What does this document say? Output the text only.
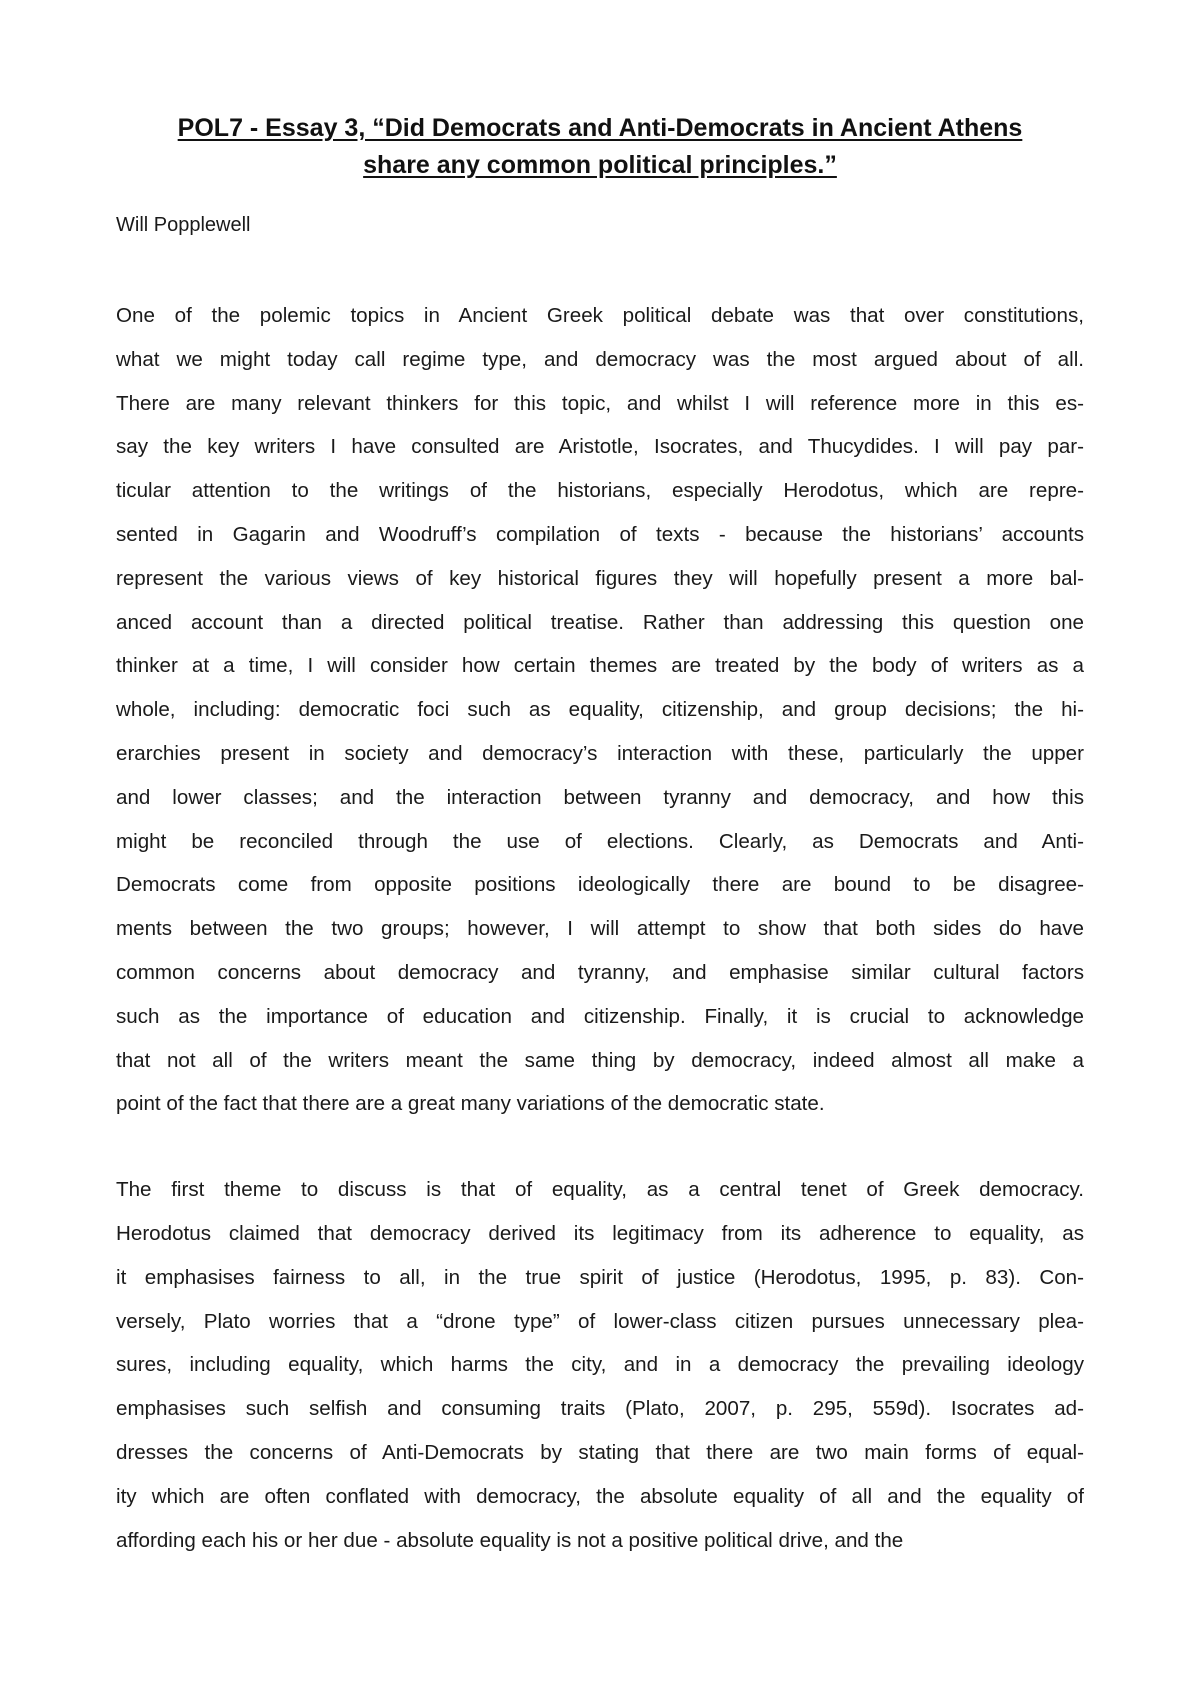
POL7 - Essay 3, “Did Democrats and Anti-Democrats in Ancient Athens
share any common political principles.”

Will Popplewell

One of the polemic topics in Ancient Greek political debate was that over constitutions,
what we might today call regime type, and democracy was the most argued about of all.
There are many relevant thinkers for this topic, and whilst I will reference more in this es-
say the key writers I have consulted are Aristotle, Isocrates, and Thucydides. I will pay par-
ticular attention to the writings of the historians, especially Herodotus, which are repre-
sented in Gagarin and Woodruff’s compilation of texts - because the historians’ accounts
represent the various views of key historical figures they will hopefully present a more bal-
anced account than a directed political treatise. Rather than addressing this question one
thinker at a time, I will consider how certain themes are treated by the body of writers as a
whole, including: democratic foci such as equality, citizenship, and group decisions; the hi-
erarchies present in society and democracy’s interaction with these, particularly the upper
and lower classes; and the interaction between tyranny and democracy, and how this
might be reconciled through the use of elections. Clearly, as Democrats and Anti-
Democrats come from opposite positions ideologically there are bound to be disagree-
ments between the two groups; however, I will attempt to show that both sides do have
common concerns about democracy and tyranny, and emphasise similar cultural factors
such as the importance of education and citizenship. Finally, it is crucial to acknowledge
that not all of the writers meant the same thing by democracy, indeed almost all make a
point of the fact that there are a great many variations of the democratic state.
The first theme to discuss is that of equality, as a central tenet of Greek democracy.
Herodotus claimed that democracy derived its legitimacy from its adherence to equality, as
it emphasises fairness to all, in the true spirit of justice (Herodotus, 1995, p. 83). Con-
versely, Plato worries that a “drone type” of lower-class citizen pursues unnecessary plea-
sures, including equality, which harms the city, and in a democracy the prevailing ideology
emphasises such selfish and consuming traits (Plato, 2007, p. 295, 559d). Isocrates ad-
dresses the concerns of Anti-Democrats by stating that there are two main forms of equal-
ity which are often conflated with democracy, the absolute equality of all and the equality of
affording each his or her due - absolute equality is not a positive political drive, and the
